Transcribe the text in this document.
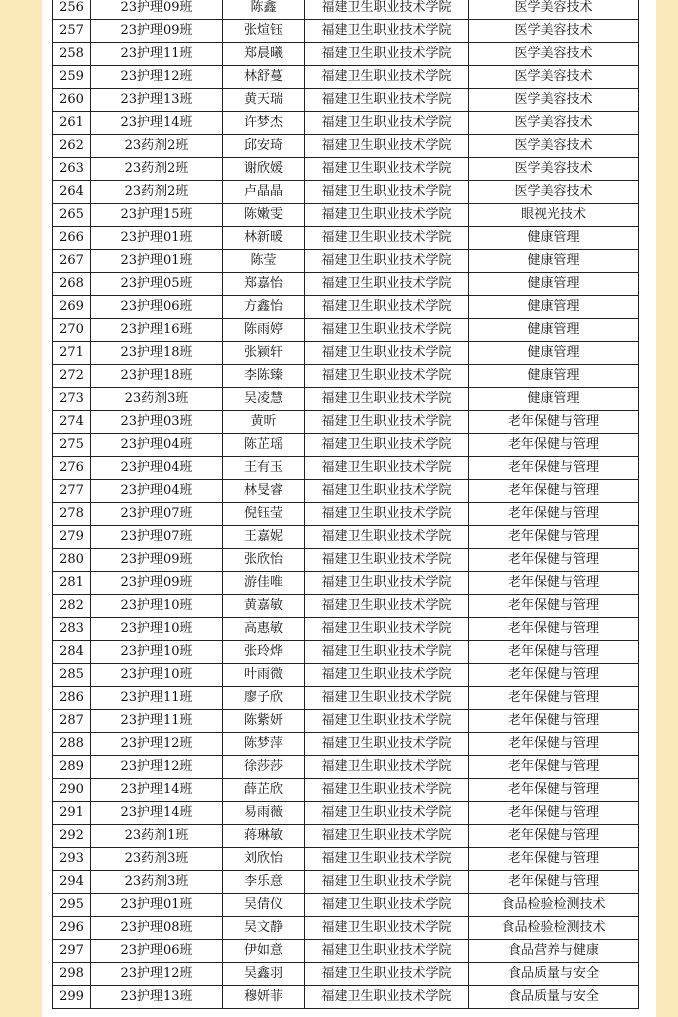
256	23护理09班	陈鑫	福建卫生职业技术学院	医学美容技术
257	23护理09班	张煊钰	福建卫生职业技术学院	医学美容技术
258	23护理11班	郑晨曦	福建卫生职业技术学院	医学美容技术
259	23护理12班	林舒蔓	福建卫生职业技术学院	医学美容技术
260	23护理13班	黄天瑞	福建卫生职业技术学院	医学美容技术
261	23护理14班	许梦杰	福建卫生职业技术学院	医学美容技术
262	23药剂2班	邱安琦	福建卫生职业技术学院	医学美容技术
263	23药剂2班	谢欣媛	福建卫生职业技术学院	医学美容技术
264	23药剂2班	卢晶晶	福建卫生职业技术学院	医学美容技术
265	23护理15班	陈嫩雯	福建卫生职业技术学院	眼视光技术
266	23护理01班	林新暖	福建卫生职业技术学院	健康管理
267	23护理01班	陈莹	福建卫生职业技术学院	健康管理
268	23护理05班	郑嘉怡	福建卫生职业技术学院	健康管理
269	23护理06班	方鑫怡	福建卫生职业技术学院	健康管理
270	23护理16班	陈雨婷	福建卫生职业技术学院	健康管理
271	23护理18班	张颍轩	福建卫生职业技术学院	健康管理
272	23护理18班	李陈臻	福建卫生职业技术学院	健康管理
273	23药剂3班	吴凌慧	福建卫生职业技术学院	健康管理
274	23护理03班	黄昕	福建卫生职业技术学院	老年保健与管理
275	23护理04班	陈芷瑶	福建卫生职业技术学院	老年保健与管理
276	23护理04班	王有玉	福建卫生职业技术学院	老年保健与管理
277	23护理04班	林旻睿	福建卫生职业技术学院	老年保健与管理
278	23护理07班	倪钰莹	福建卫生职业技术学院	老年保健与管理
279	23护理07班	王嘉妮	福建卫生职业技术学院	老年保健与管理
280	23护理09班	张欣怡	福建卫生职业技术学院	老年保健与管理
281	23护理09班	游佳唯	福建卫生职业技术学院	老年保健与管理
282	23护理10班	黄嘉敏	福建卫生职业技术学院	老年保健与管理
283	23护理10班	高惠敏	福建卫生职业技术学院	老年保健与管理
284	23护理10班	张玲烨	福建卫生职业技术学院	老年保健与管理
285	23护理10班	叶雨微	福建卫生职业技术学院	老年保健与管理
286	23护理11班	廖子欣	福建卫生职业技术学院	老年保健与管理
287	23护理11班	陈紫妍	福建卫生职业技术学院	老年保健与管理
288	23护理12班	陈梦萍	福建卫生职业技术学院	老年保健与管理
289	23护理12班	徐莎莎	福建卫生职业技术学院	老年保健与管理
290	23护理14班	薛芷欣	福建卫生职业技术学院	老年保健与管理
291	23护理14班	易雨薇	福建卫生职业技术学院	老年保健与管理
292	23药剂1班	蒋琳敏	福建卫生职业技术学院	老年保健与管理
293	23药剂3班	刘欣怡	福建卫生职业技术学院	老年保健与管理
294	23药剂3班	李乐意	福建卫生职业技术学院	老年保健与管理
295	23护理01班	吴倩仪	福建卫生职业技术学院	食品检验检测技术
296	23护理08班	吴文静	福建卫生职业技术学院	食品检验检测技术
297	23护理06班	伊如意	福建卫生职业技术学院	食品营养与健康
298	23护理12班	吴鑫羽	福建卫生职业技术学院	食品质量与安全
299	23护理13班	穆妍菲	福建卫生职业技术学院	食品质量与安全
